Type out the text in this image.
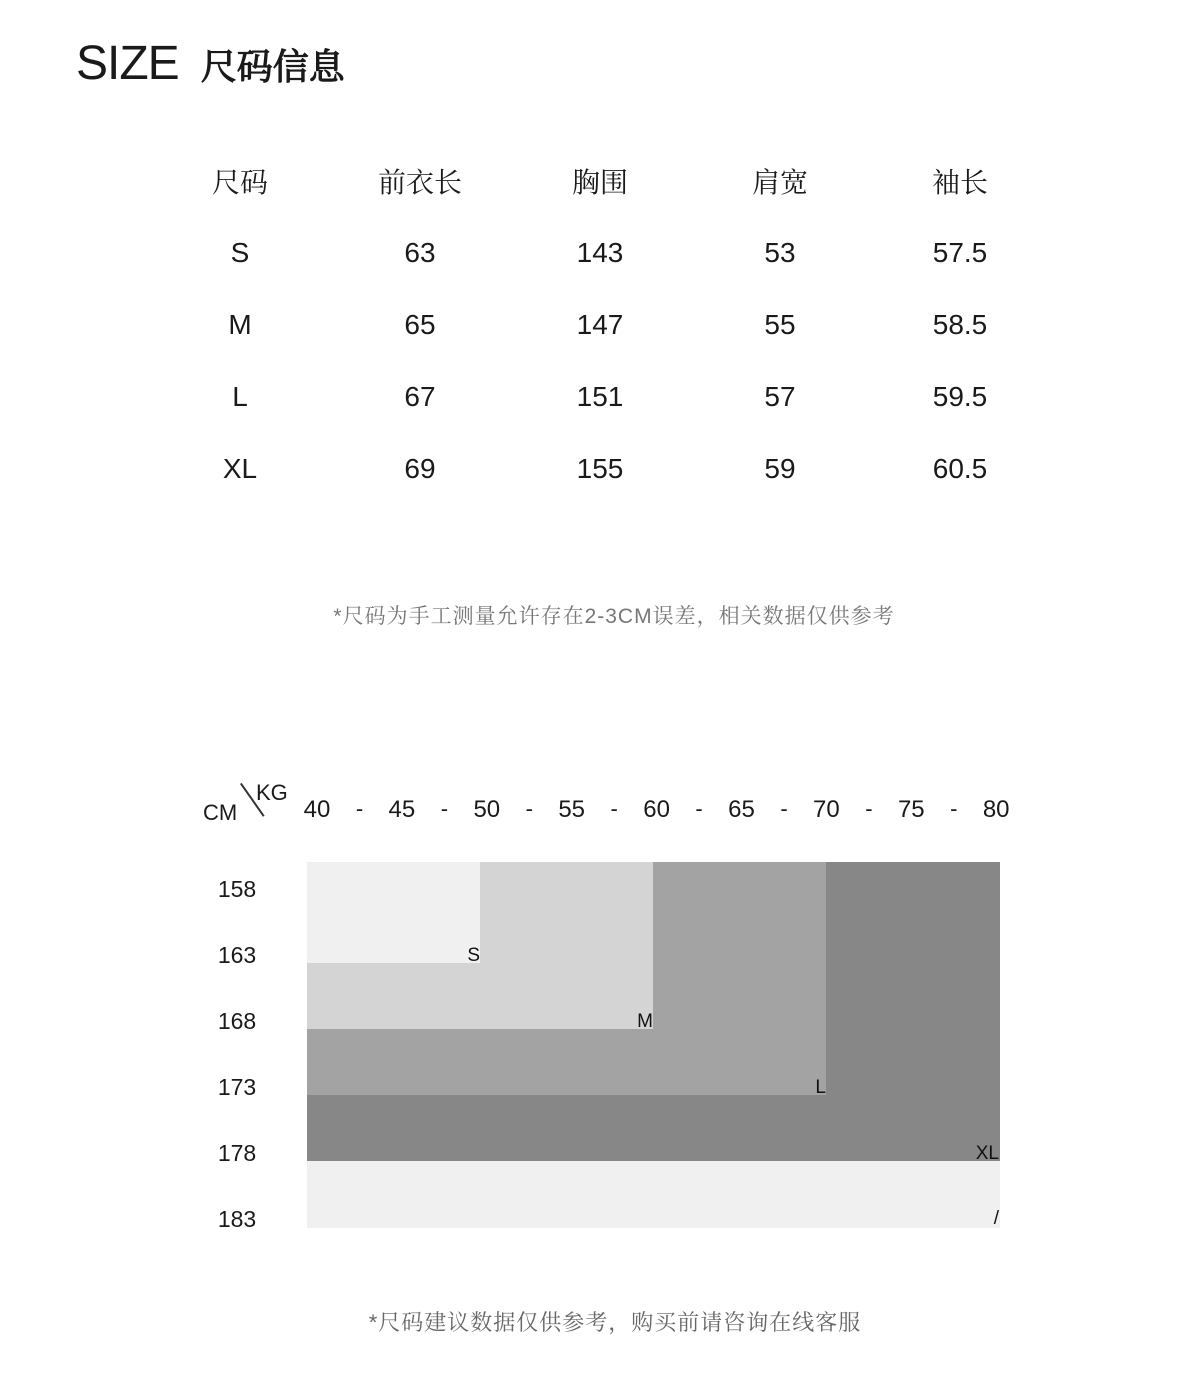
SIZE 尺码信息
尺码	前衣长	胸围	肩宽	袖长
S	63	143	53	57.5
M	65	147	55	58.5
L	67	151	57	59.5
XL	69	155	59	60.5
*尺码为手工测量允许存在2-3CM误差，相关数据仅供参考
CM
KG
40	-	45	-	50	-	55	-	60	-	65	-	70	-	75	-	80
158
163
168
173
178
183
*尺码建议数据仅供参考，购买前请咨询在线客服
S
M
L
XL
/
